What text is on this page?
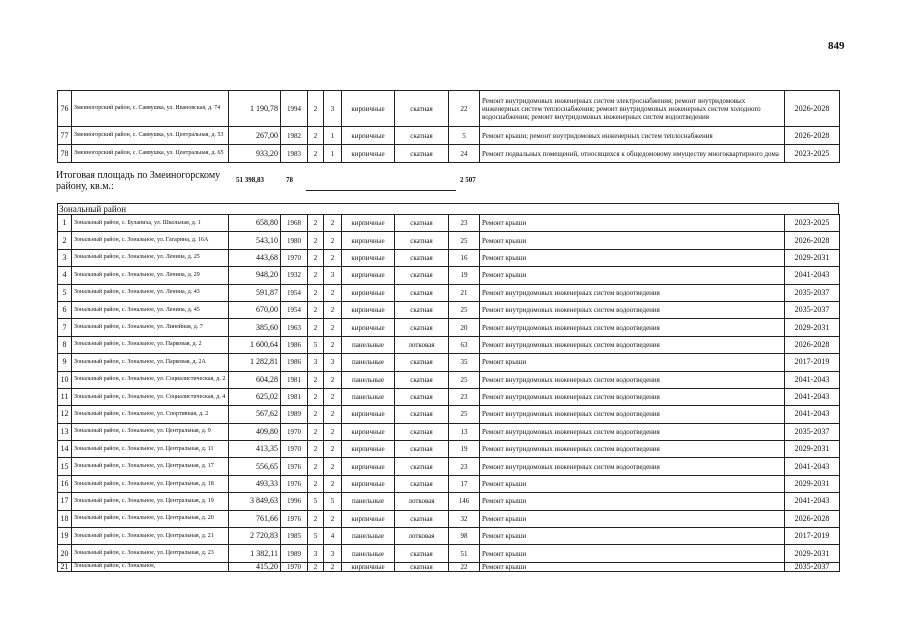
849
76	Змеиногорский район, с. Саввушка, ул. Ивановская, д. 74	1 190,78	1994	2	3	кирпичные	скатная	22	Ремонт внутридомовых инженерных систем электроснабжения; ремонт внутридомовых инженерных систем теплоснабжения; ремонт внутридомовых инженерных систем холодного водоснабжения; ремонт внутридомовых инженерных систем водоотведения	2026-2028
77	Змеиногорский район, с. Саввушка, ул. Центральная, д. 53	267,00	1982	2	1	кирпичные	скатная	5	Ремонт крыши; ремонт внутридомовых инженерных систем теплоснабжения	2026-2028
78	Змеиногорский район, с. Саввушка, ул. Центральная, д. 65	933,20	1983	2	1	кирпичные	скатная	24	Ремонт подвальных помещений, относящихся к общедомовому имуществу многоквартирного дома	2023-2025
Итоговая площадь по Змеиногорскому району, кв.м.:
51 398,83	78	2 507
Зональный район
1	Зональный район, с. Буланиха, ул. Школьная, д. 1	658,80	1968	2	2	кирпичные	скатная	23	Ремонт крыши	2023-2025
2	Зональный район, с. Зональное, ул. Гагарина, д. 16А	543,10	1980	2	2	кирпичные	скатная	25	Ремонт крыши	2026-2028
3	Зональный район, с. Зональное, ул. Ленина, д. 25	443,68	1970	2	2	кирпичные	скатная	16	Ремонт крыши	2029-2031
4	Зональный район, с. Зональное, ул. Ленина, д. 29	948,20	1932	2	3	кирпичные	скатная	19	Ремонт крыши	2041-2043
5	Зональный район, с. Зональное, ул. Ленина, д. 43	591,87	1954	2	2	кирпичные	скатная	21	Ремонт внутридомовых инженерных систем водоотведения	2035-2037
6	Зональный район, с. Зональное, ул. Ленина, д. 45	670,00	1954	2	2	кирпичные	скатная	25	Ремонт внутридомовых инженерных систем водоотведения	2035-2037
7	Зональный район, с. Зональное, ул. Линейная, д. 7	385,60	1963	2	2	кирпичные	скатная	20	Ремонт внутридомовых инженерных систем водоотведения	2029-2031
8	Зональный район, с. Зональное, ул. Парковая, д. 2	1 600,64	1986	5	2	панельные	лотковая	63	Ремонт внутридомовых инженерных систем водоотведения	2026-2028
9	Зональный район, с. Зональное, ул. Парковая, д. 2А	1 282,81	1986	3	3	панельные	скатная	35	Ремонт крыши	2017-2019
10	Зональный район, с. Зональное, ул. Социалистическая, д. 2	604,28	1981	2	2	панельные	скатная	25	Ремонт внутридомовых инженерных систем водоотведения	2041-2043
11	Зональный район, с. Зональное, ул. Социалистическая, д. 4	625,02	1981	2	2	панельные	скатная	23	Ремонт внутридомовых инженерных систем водоотведения	2041-2043
12	Зональный район, с. Зональное, ул. Спортивная, д. 2	567,62	1989	2	2	кирпичные	скатная	25	Ремонт внутридомовых инженерных систем водоотведения	2041-2043
13	Зональный район, с. Зональное, ул. Центральная, д. 9	409,80	1970	2	2	кирпичные	скатная	13	Ремонт внутридомовых инженерных систем водоотведения	2035-2037
14	Зональный район, с. Зональное, ул. Центральная, д. 11	413,35	1970	2	2	кирпичные	скатная	19	Ремонт внутридомовых инженерных систем водоотведения	2029-2031
15	Зональный район, с. Зональное, ул. Центральная, д. 17	556,65	1976	2	2	кирпичные	скатная	23	Ремонт внутридомовых инженерных систем водоотведения	2041-2043
16	Зональный район, с. Зональное, ул. Центральная, д. 18	493,33	1976	2	2	кирпичные	скатная	17	Ремонт крыши	2029-2031
17	Зональный район, с. Зональное, ул. Центральная, д. 19	3 849,63	1996	5	5	панельные	лотковая	146	Ремонт крыши	2041-2043
18	Зональный район, с. Зональное, ул. Центральная, д. 20	761,66	1976	2	2	кирпичные	скатная	32	Ремонт крыши	2026-2028
19	Зональный район, с. Зональное, ул. Центральная, д. 21	2 720,83	1985	5	4	панельные	лотковая	98	Ремонт крыши	2017-2019
20	Зональный район, с. Зональное, ул. Центральная, д. 23	1 382,11	1989	3	3	панельные	скатная	51	Ремонт крыши	2029-2031
21	Зональный район, с. Зональное,	415,20	1970	2	2	кирпичные	скатная	22	Ремонт крыши	2035-2037
